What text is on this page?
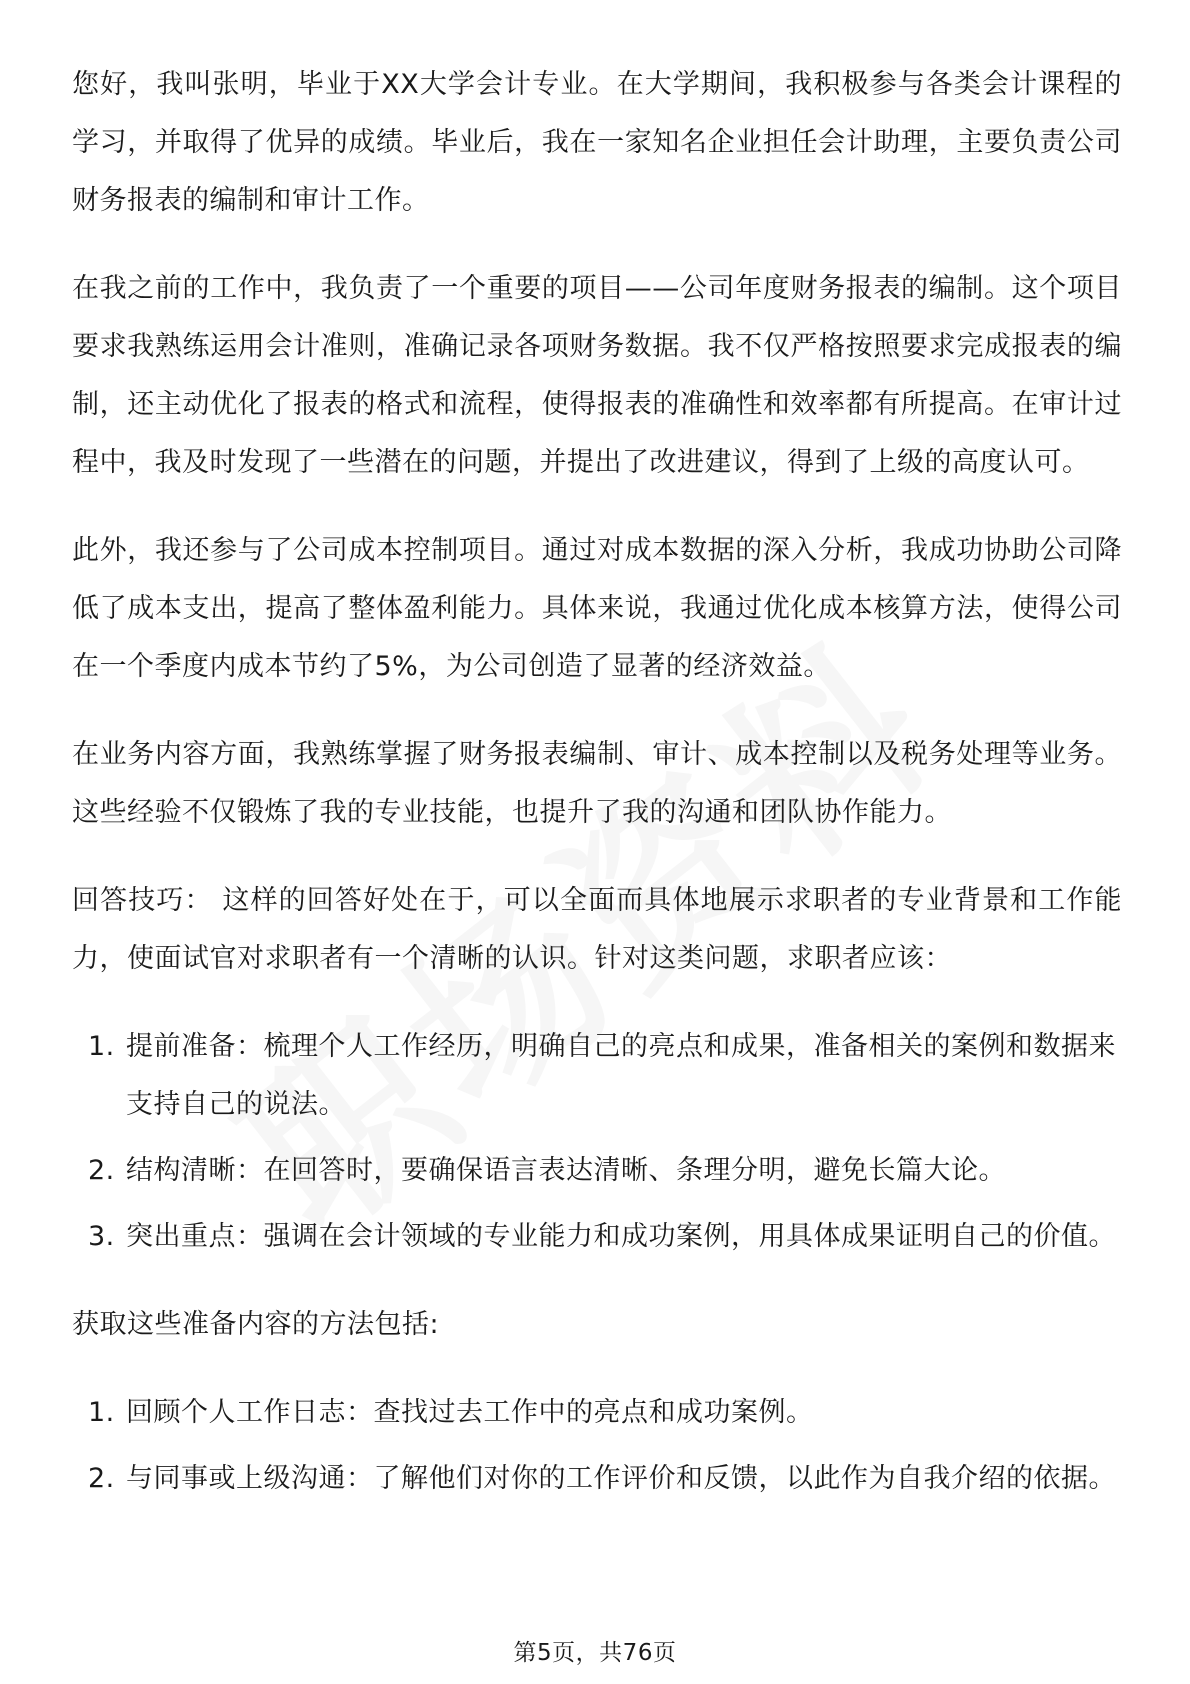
您好，我叫张明，毕业于XX大学会计专业。在大学期间，我积极参与各类会计课程的学习，并取得了优异的成绩。毕业后，我在一家知名企业担任会计助理，主要负责公司财务报表的编制和审计工作。

在我之前的工作中，我负责了一个重要的项目——公司年度财务报表的编制。这个项目要求我熟练运用会计准则，准确记录各项财务数据。我不仅严格按照要求完成报表的编制，还主动优化了报表的格式和流程，使得报表的准确性和效率都有所提高。在审计过程中，我及时发现了一些潜在的问题，并提出了改进建议，得到了上级的高度认可。

此外，我还参与了公司成本控制项目。通过对成本数据的深入分析，我成功协助公司降低了成本支出，提高了整体盈利能力。具体来说，我通过优化成本核算方法，使得公司在一个季度内成本节约了5%，为公司创造了显著的经济效益。

在业务内容方面，我熟练掌握了财务报表编制、审计、成本控制以及税务处理等业务。这些经验不仅锻炼了我的专业技能，也提升了我的沟通和团队协作能力。

回答技巧： 这样的回答好处在于，可以全面而具体地展示求职者的专业背景和工作能力，使面试官对求职者有一个清晰的认识。针对这类问题，求职者应该：

1. 提前准备：梳理个人工作经历，明确自己的亮点和成果，准备相关的案例和数据来支持自己的说法。
2. 结构清晰：在回答时，要确保语言表达清晰、条理分明，避免长篇大论。
3. 突出重点：强调在会计领域的专业能力和成功案例，用具体成果证明自己的价值。

获取这些准备内容的方法包括:

1. 回顾个人工作日志：查找过去工作中的亮点和成功案例。
2. 与同事或上级沟通：了解他们对你的工作评价和反馈，以此作为自我介绍的依据。
第5页，共76页
